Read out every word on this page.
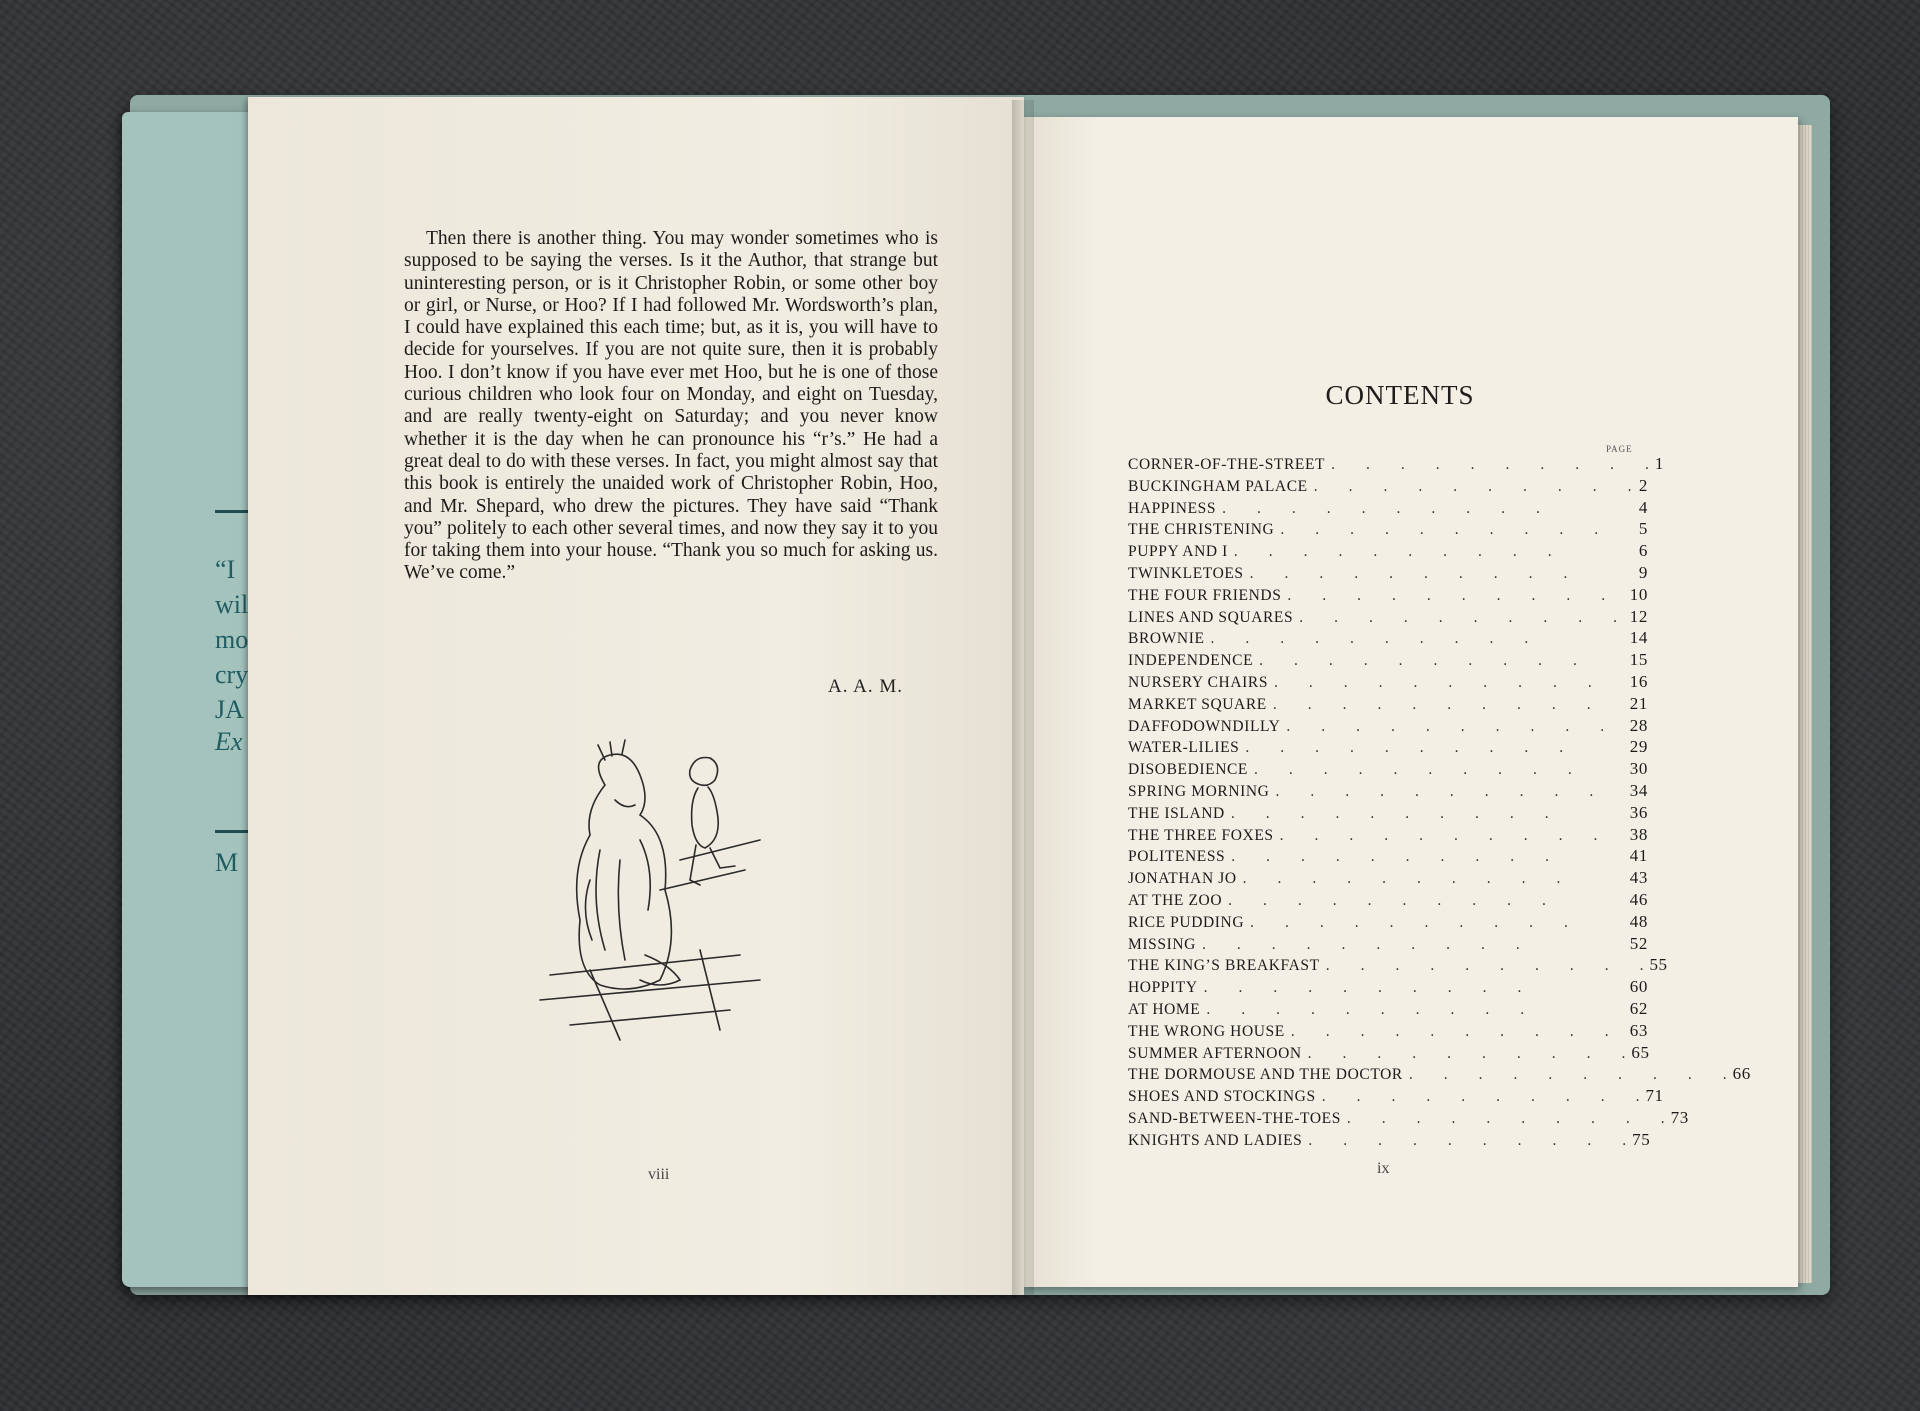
“I
wil
mo
cry
JA
Ex
M

Then there is another thing. You may wonder sometimes who is supposed to be saying the verses. Is it the Author, that strange but uninteresting person, or is it Christopher Robin, or some other boy or girl, or Nurse, or Hoo? If I had followed Mr. Wordsworth’s plan, I could have explained this each time; but, as it is, you will have to decide for yourselves. If you are not quite sure, then it is probably Hoo. I don’t know if you have ever met Hoo, but he is one of those curious children who look four on Monday, and eight on Tuesday, and are really twenty-eight on Saturday; and you never know whether it is the day when he can pronounce his “r’s.” He had a great deal to do with these verses. In fact, you might almost say that this book is entirely the unaided work of Christopher Robin, Hoo, and Mr. Shepard, who drew the pictures. They have said “Thank you” politely to each other several times, and now they say it to you for taking them into your house. “Thank you so much for asking us. We’ve come.”

A. A. M.
viii
CONTENTS
PAGE
CORNER-OF-THE-STREET .  .  .  .  .  .  .  .  .  . 1
BUCKINGHAM PALACE .  .  .  .  .  .  .  .  .  . 2
HAPPINESS .  .  .  .  .  .  .  .  .  .	4
THE CHRISTENING .  .  .  .  .  .  .  .  .  .	5
PUPPY AND I .  .  .  .  .  .  .  .  .  .	6
TWINKLETOES .  .  .  .  .  .  .  .  .  .	9
THE FOUR FRIENDS .  .  .  .  .  .  .  .  .  .	10
LINES AND SQUARES .  .  .  .  .  .  .  .  .  . 12
BROWNIE .  .  .  .  .  .  .  .  .  .	14
INDEPENDENCE .  .  .  .  .  .  .  .  .  .	15
NURSERY CHAIRS .  .  .  .  .  .  .  .  .  .	16
MARKET SQUARE .  .  .  .  .  .  .  .  .  .	21
DAFFODOWNDILLY .  .  .  .  .  .  .  .  .  .	28
WATER-LILIES .  .  .  .  .  .  .  .  .  .	29
DISOBEDIENCE .  .  .  .  .  .  .  .  .  .	30
SPRING MORNING .  .  .  .  .  .  .  .  .  .	34
THE ISLAND .  .  .  .  .  .  .  .  .  .	36
THE THREE FOXES .  .  .  .  .  .  .  .  .  .	38
POLITENESS .  .  .  .  .  .  .  .  .  .	41
JONATHAN JO .  .  .  .  .  .  .  .  .  .	43
AT THE ZOO .  .  .  .  .  .  .  .  .  .	46
RICE PUDDING .  .  .  .  .  .  .  .  .  .	48
MISSING .  .  .  .  .  .  .  .  .  .	52
THE KING’S BREAKFAST .  .  .  .  .  .  .  .  .  . 55
HOPPITY .  .  .  .  .  .  .  .  .  .	60
AT HOME .  .  .  .  .  .  .  .  .  .	62
THE WRONG HOUSE .  .  .  .  .  .  .  .  .  .	63
SUMMER AFTERNOON .  .  .  .  .  .  .  .  .  . 65
THE DORMOUSE AND THE DOCTOR .  .  .  .  .  .  .  .  .  . 66
SHOES AND STOCKINGS .  .  .  .  .  .  .  .  .  . 71
SAND-BETWEEN-THE-TOES .  .  .  .  .  .  .  .  .  . 73
KNIGHTS AND LADIES .  .  .  .  .  .  .  .  .  . 75
ix
